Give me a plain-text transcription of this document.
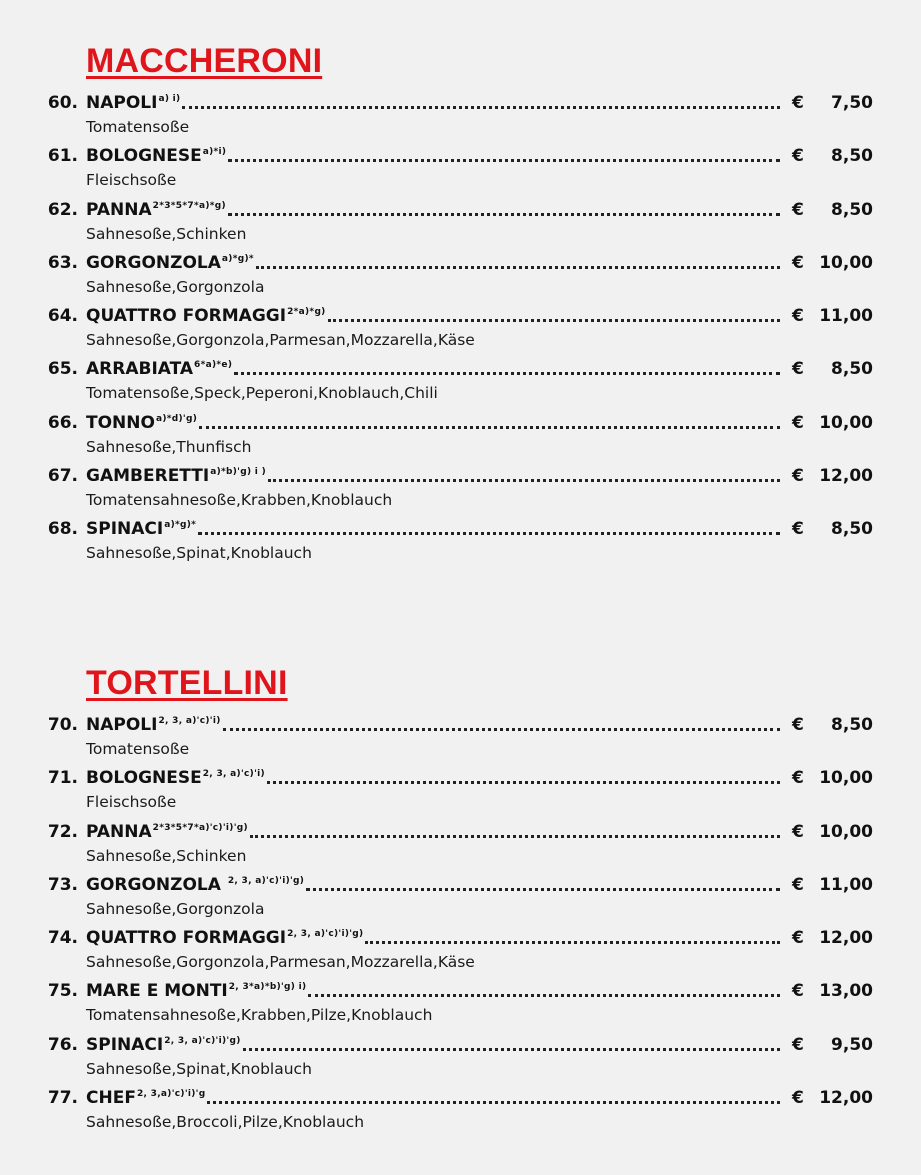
MACCHERONI
60. NAPOLI a) i)	€ 7,50
Tomatensoße
61. BOLOGNESE a)*i)	€ 8,50
Fleischsoße
62. PANNA 2*3*5*7*a)*g)	€ 8,50
Sahnesoße,Schinken
63. GORGONZOLA a)*g)*	€ 10,00
Sahnesoße,Gorgonzola
64. QUATTRO FORMAGGI 2*a)*g)	€ 11,00
Sahnesoße,Gorgonzola,Parmesan,Mozzarella,Käse
65. ARRABIATA 6*a)*e)	€ 8,50
Tomatensoße,Speck,Peperoni,Knoblauch,Chili
66. TONNO a)*d)'g)	€ 10,00
Sahnesoße,Thunfisch
67. GAMBERETTI a)*b)'g) i )	€ 12,00
Tomatensahnesoße,Krabben,Knoblauch
68. SPINACI a)*g)*	€ 8,50
Sahnesoße,Spinat,Knoblauch
TORTELLINI
70. NAPOLI 2, 3, a)'c)'i)	€ 8,50
Tomatensoße
71. BOLOGNESE 2, 3, a)'c)'i)	€ 10,00
Fleischsoße
72. PANNA 2*3*5*7*a)'c)'i)'g)	€ 10,00
Sahnesoße,Schinken
73. GORGONZOLA 2, 3, a)'c)'i)'g)	€ 11,00
Sahnesoße,Gorgonzola
74. QUATTRO FORMAGGI 2, 3, a)'c)'i)'g)	€ 12,00
Sahnesoße,Gorgonzola,Parmesan,Mozzarella,Käse
75. MARE E MONTI 2, 3*a)*b)'g) i)	€ 13,00
Tomatensahnesoße,Krabben,Pilze,Knoblauch
76. SPINACI 2, 3, a)'c)'i)'g)	€ 9,50
Sahnesoße,Spinat,Knoblauch
77. CHEF 2, 3,a)'c)'i)'g	€ 12,00
Sahnesoße,Broccoli,Pilze,Knoblauch
